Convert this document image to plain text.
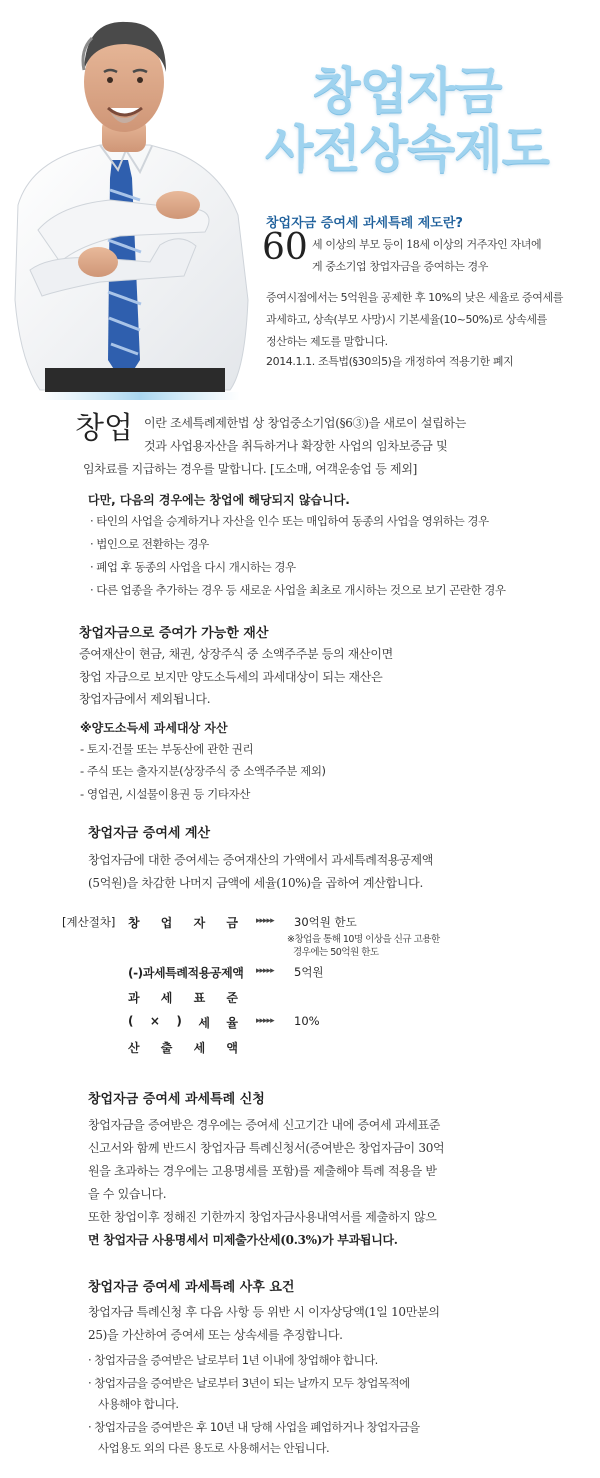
창업자금
사전상속제도
창업자금 증여세 과세특례 제도란?
60 세 이상의 부모 등이 18세 이상의 거주자인 자녀에
게 중소기업 창업자금을 증여하는 경우
증여시점에서는 5억원을 공제한 후 10%의 낮은 세율로 증여세를
과세하고, 상속(부모 사망)시 기본세율(10~50%)로 상속세를
정산하는 제도를 말합니다.
2014.1.1. 조특법(§30의5)을 개정하여 적용기한 폐지
창업 이란 조세특례제한법 상 창업중소기업(§6③)을 새로이 설립하는
것과 사업용자산을 취득하거나 확장한 사업의 임차보증금 및
임차료를 지급하는 경우를 말합니다. [도소매, 여객운송업 등 제외]
다만, 다음의 경우에는 창업에 해당되지 않습니다.
· 타인의 사업을 승계하거나 자산을 인수 또는 매입하여 동종의 사업을 영위하는 경우
· 법인으로 전환하는 경우
· 폐업 후 동종의 사업을 다시 개시하는 경우
· 다른 업종을 추가하는 경우 등 새로운 사업을 최초로 개시하는 것으로 보기 곤란한 경우
창업자금으로 증여가 가능한 재산
증여재산이 현금, 채권, 상장주식 중 소액주주분 등의 재산이면
창업 자금으로 보지만 양도소득세의 과세대상이 되는 재산은
창업자금에서 제외됩니다.
※양도소득세 과세대상 자산
- 토지·건물 또는 부동산에 관한 권리
- 주식 또는 출자지분(상장주식 중 소액주주분 제외)
- 영업권, 시설물이용권 등 기타자산
창업자금 증여세 계산
창업자금에 대한 증여세는 증여재산의 가액에서 과세특례적용공제액
(5억원)을 차감한 나머지 금액에 세율(10%)을 곱하여 계산합니다.
[계산절차] 창 업 자 금 ▸▸▸▸▸ 30억원 한도
※창업을 통해 10명 이상을 신규 고용한
경우에는 50억원 한도
(-)과세특례적용공제액 ▸▸▸▸▸ 5억원
과 세 표 준
( × ) 세 율 ▸▸▸▸▸ 10%
산 출 세 액
창업자금 증여세 과세특례 신청
창업자금을 증여받은 경우에는 증여세 신고기간 내에 증여세 과세표준
신고서와 함께 반드시 창업자금 특례신청서(증여받은 창업자금이 30억
원을 초과하는 경우에는 고용명세를 포함)를 제출해야 특례 적용을 받
을 수 있습니다.
또한 창업이후 정해진 기한까지 창업자금사용내역서를 제출하지 않으
면 창업자금 사용명세서 미제출가산세(0.3%)가 부과됩니다.
창업자금 증여세 과세특례 사후 요건
창업자금 특례신청 후 다음 사항 등 위반 시 이자상당액(1일 10만분의
25)을 가산하여 증여세 또는 상속세를 추징합니다.
· 창업자금을 증여받은 날로부터 1년 이내에 창업해야 합니다.
· 창업자금을 증여받은 날로부터 3년이 되는 날까지 모두 창업목적에
사용해야 합니다.
· 창업자금을 증여받은 후 10년 내 당해 사업을 폐업하거나 창업자금을
사업용도 외의 다른 용도로 사용해서는 안됩니다.
